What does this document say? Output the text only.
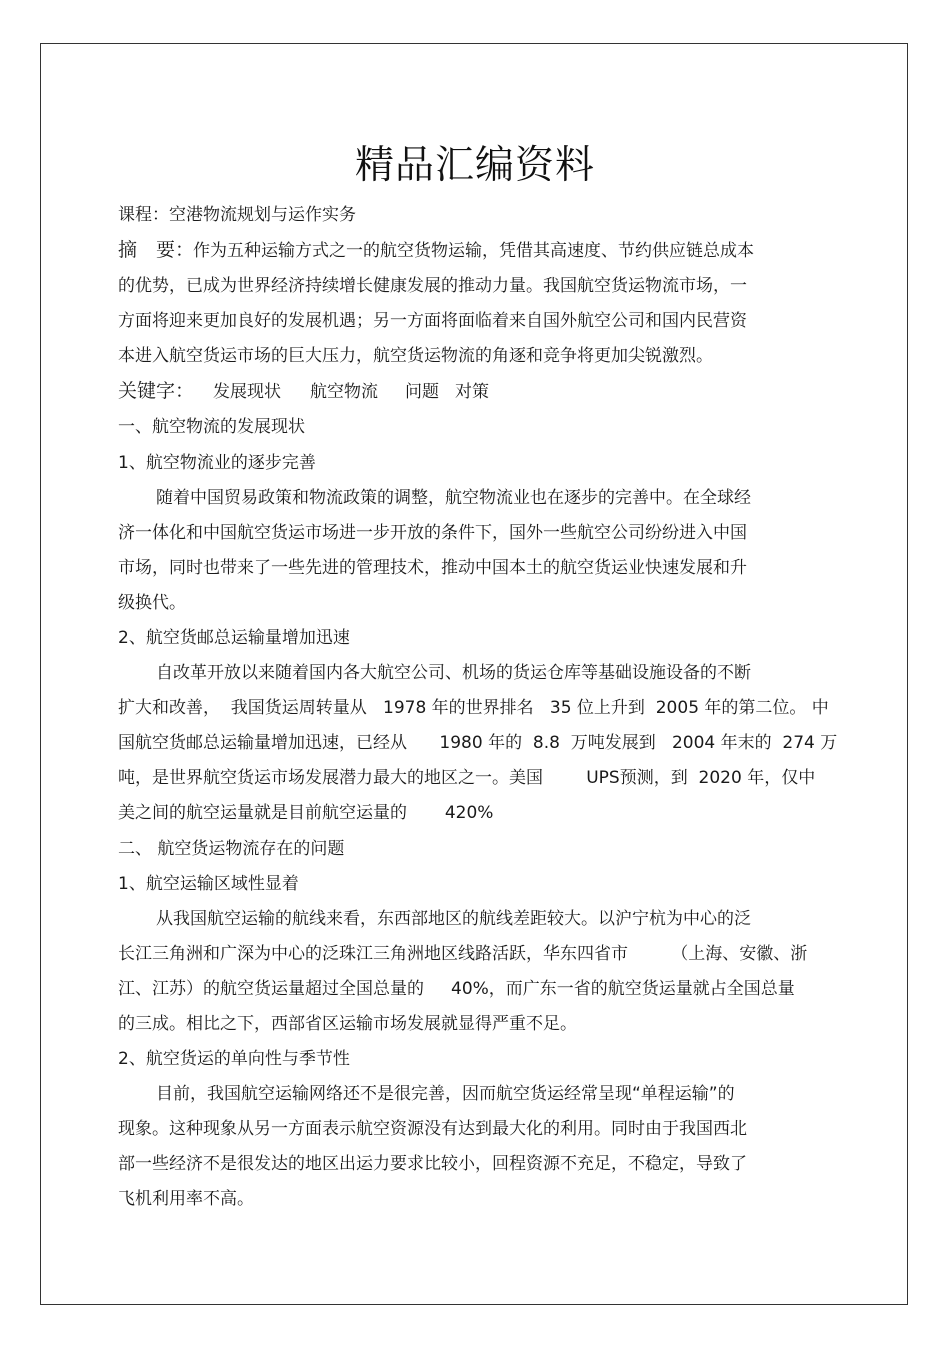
精品汇编资料
课程：空港物流规划与运作实务
摘　要：
作为五种运输方式之一的航空货物运输，凭借其高速度、节约供应链总成本
的优势，已成为世界经济持续增长健康发展的推动力量。我国航空货运物流市场，一
方面将迎来更加良好的发展机遇；另一方面将面临着来自国外航空公司和国内民营资
本进入航空货运市场的巨大压力，航空货运物流的角逐和竞争将更加尖锐激烈。
关键字： 发展现状 航空物流 问题 对策
一、航空物流的发展现状
1、航空物流业的逐步完善
随着中国贸易政策和物流政策的调整，航空物流业也在逐步的完善中。在全球经
济一体化和中国航空货运市场进一步开放的条件下，国外一些航空公司纷纷进入中国
市场，同时也带来了一些先进的管理技术，推动中国本土的航空货运业快速发展和升
级换代。
2、航空货邮总运输量增加迅速
自改革开放以来随着国内各大航空公司、机场的货运仓库等基础设施设备的不断
扩大和改善，  我国货运周转量从   1978 年的世界排名   35 位上升到  2005 年的第二位。 中
国航空货邮总运输量增加迅速，已经从      1980 年的  8.8  万吨发展到   2004 年末的  274 万
吨，是世界航空货运市场发展潜力最大的地区之一。美国        UPS预测，到  2020 年，仅中
美之间的航空运量就是目前航空运量的       420%
二、 航空货运物流存在的问题
1、航空运输区域性显着
从我国航空运输的航线来看，东西部地区的航线差距较大。以沪宁杭为中心的泛
长江三角洲和广深为中心的泛珠江三角洲地区线路活跃，华东四省市        （上海、安徽、浙
江、江苏）的航空货运量超过全国总量的     40%，而广东一省的航空货运量就占全国总量
的三成。相比之下，西部省区运输市场发展就显得严重不足。
2、航空货运的单向性与季节性
目前，我国航空运输网络还不是很完善，因而航空货运经常呈现“单程运输”的
现象。这种现象从另一方面表示航空资源没有达到最大化的利用。同时由于我国西北
部一些经济不是很发达的地区出运力要求比较小，回程资源不充足，不稳定，导致了
飞机利用率不高。
